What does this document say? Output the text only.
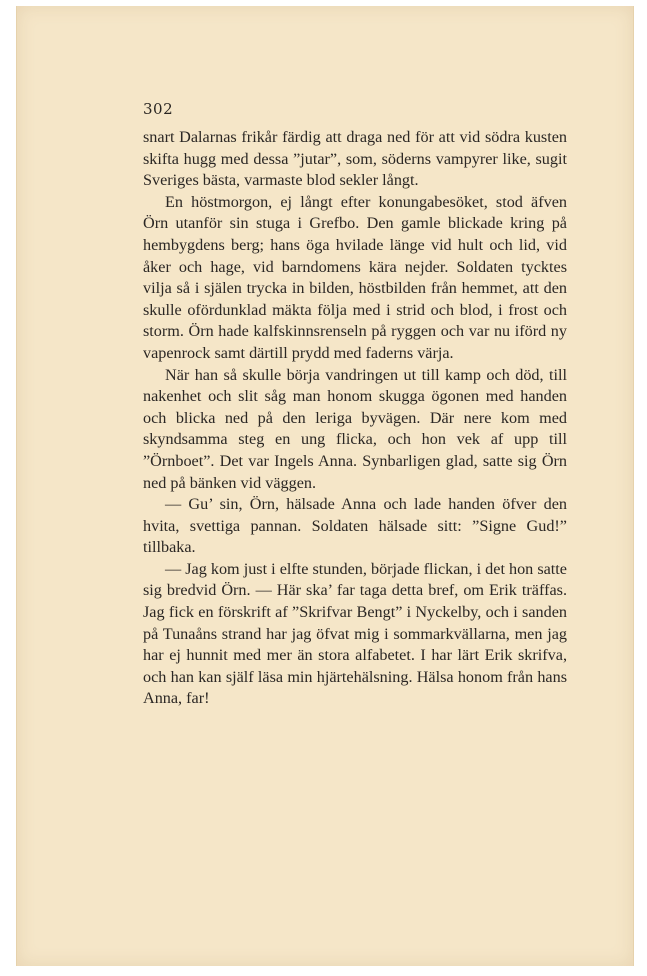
302

snart Dalarnas frikår färdig att draga ned för att vid södra kusten skifta hugg med dessa ”jutar”, som, söderns vampyrer like, sugit Sveriges bästa, varmaste blod sekler långt.

En höstmorgon, ej långt efter konungabesöket, stod äfven Örn utanför sin stuga i Grefbo. Den gamle blickade kring på hembygdens berg; hans öga hvilade länge vid hult och lid, vid åker och hage, vid barndomens kära nejder. Soldaten tycktes vilja så i själen trycka in bilden, höstbilden från hemmet, att den skulle ofördunklad mäkta följa med i strid och blod, i frost och storm. Örn hade kalfskinnsrenseln på ryggen och var nu iförd ny vapenrock samt därtill prydd med faderns värja.

När han så skulle börja vandringen ut till kamp och död, till nakenhet och slit såg man honom skugga ögonen med handen och blicka ned på den leriga byvägen. Där nere kom med skyndsamma steg en ung flicka, och hon vek af upp till ”Örnboet”. Det var Ingels Anna. Synbarligen glad, satte sig Örn ned på bänken vid väggen.

— Gu’ sin, Örn, hälsade Anna och lade handen öfver den hvita, svettiga pannan. Soldaten hälsade sitt: ”Signe Gud!” tillbaka.

— Jag kom just i elfte stunden, började flickan, i det hon satte sig bredvid Örn. — Här ska’ far taga detta bref, om Erik träffas. Jag fick en förskrift af ”Skrifvar Bengt” i Nyckelby, och i sanden på Tunaåns strand har jag öfvat mig i sommarkvällarna, men jag har ej hunnit med mer än stora alfabetet. I har lärt Erik skrifva, och han kan själf läsa min hjärtehälsning. Hälsa honom från hans Anna, far!
